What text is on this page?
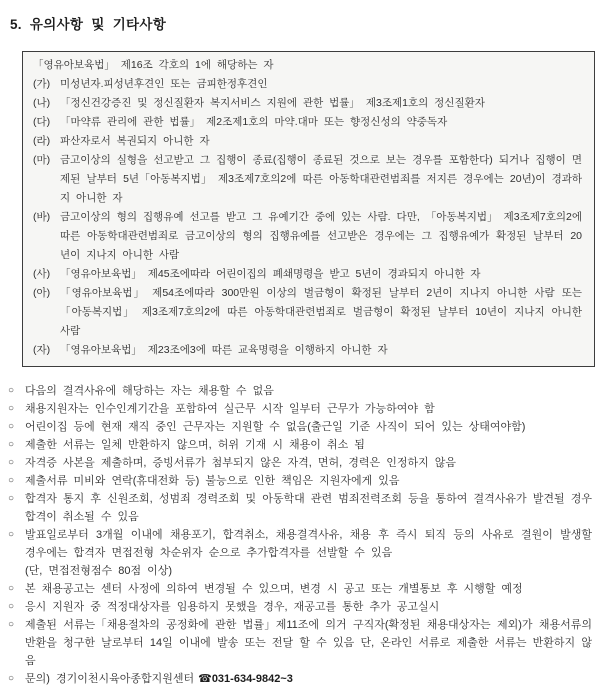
5. 유의사항 및 기타사항
「영유아보육법」 제16조 각호의 1에 해당하는 자
(가) 미성년자.피성년후견인 또는 금피한정후견인
(나) 「정신건강증진 및 정신질환자 복지서비스 지원에 관한 법률」 제3조제1호의 정신질환자
(다) 「마약류 관리에 관한 법률」 제2조제1호의 마약.대마 또는 향정신성의 약중독자
(라) 파산자로서 복권되지 아니한 자
(마) 금고이상의 실형을 선고받고 그 집행이 종료(집행이 종료된 것으로 보는 경우를 포함한다) 되거나 집행이 면제된 날부터 5년「아동복지법」 제3조제7호의2에 따른 아동학대관련범죄를 저지른 경우에는 20년)이 경과하지 아니한 자
(바) 금고이상의 형의 집행유예 선고를 받고 그 유예기간 중에 있는 사람. 다만, 「아동복지법」 제3조제7호의2에 따른 아동학대관련범죄로 금고이상의 형의 집행유예를 선고받은 경우에는 그 집행유예가 확정된 날부터 20년이 지나지 아니한 사람
(사) 「영유아보육법」 제45조에따라 어린이집의 폐쇄명령을 받고 5년이 경과되지 아니한 자
(아) 「영유아보육법」 제54조에따라 300만원 이상의 벌금형이 확정된 날부터 2년이 지나지 아니한 사람 또는 「아동복지법」 제3조제7호의2에 따른 아동학대관련범죄로 벌금형이 확정된 날부터 10년이 지나지 아니한 사람
(자) 「영유아보육법」 제23조에3에 따른 교육명령을 이행하지 아니한 자
○ 다음의 결격사유에 해당하는 자는 채용할 수 없음
○ 채용지원자는 인수인계기간을 포함하여 실근무 시작 일부터 근무가 가능하여야 함
○ 어린이집 등에 현재 재직 중인 근무자는 지원할 수 없음(출근일 기준 사직이 되어 있는 상태여야함)
○ 제출한 서류는 일체 반환하지 않으며, 허위 기재 시 채용이 취소 됨
○ 자격증 사본을 제출하며, 증빙서류가 첨부되지 않은 자격, 면허, 경력은 인정하지 않음
○ 제출서류 미비와 연락(휴대전화 등) 불능으로 인한 책임은 지원자에게 있음
○ 합격자 통지 후 신원조회, 성범죄 경력조회 및 아동학대 관련 범죄전력조회 등을 통하여 결격사유가 발견될 경우 합격이 취소될 수 있음
○ 발표일로부터 3개월 이내에 채용포기, 합격취소, 채용결격사유, 채용 후 즉시 퇴직 등의 사유로 결원이 발생할 경우에는 합격자 면접전형 차순위자 순으로 추가합격자를 선발할 수 있음
(단, 면접전형점수 80점 이상)
○ 본 채용공고는 센터 사정에 의하여 변경될 수 있으며, 변경 시 공고 또는 개별통보 후 시행할 예정
○ 응시 지원자 중 적정대상자를 임용하지 못했을 경우, 재공고를 통한 추가 공고실시
○ 제출된 서류는「채용절차의 공정화에 관한 법률」제11조에 의거 구직자(확정된 채용대상자는 제외)가 채용서류의 반환을 청구한 날로부터 14일 이내에 발송 또는 전달 할 수 있음 단, 온라인 서류로 제출한 서류는 반환하지 않음
○ 문의) 경기이천시육아종합지원센터 ☎031-634-9842~3
